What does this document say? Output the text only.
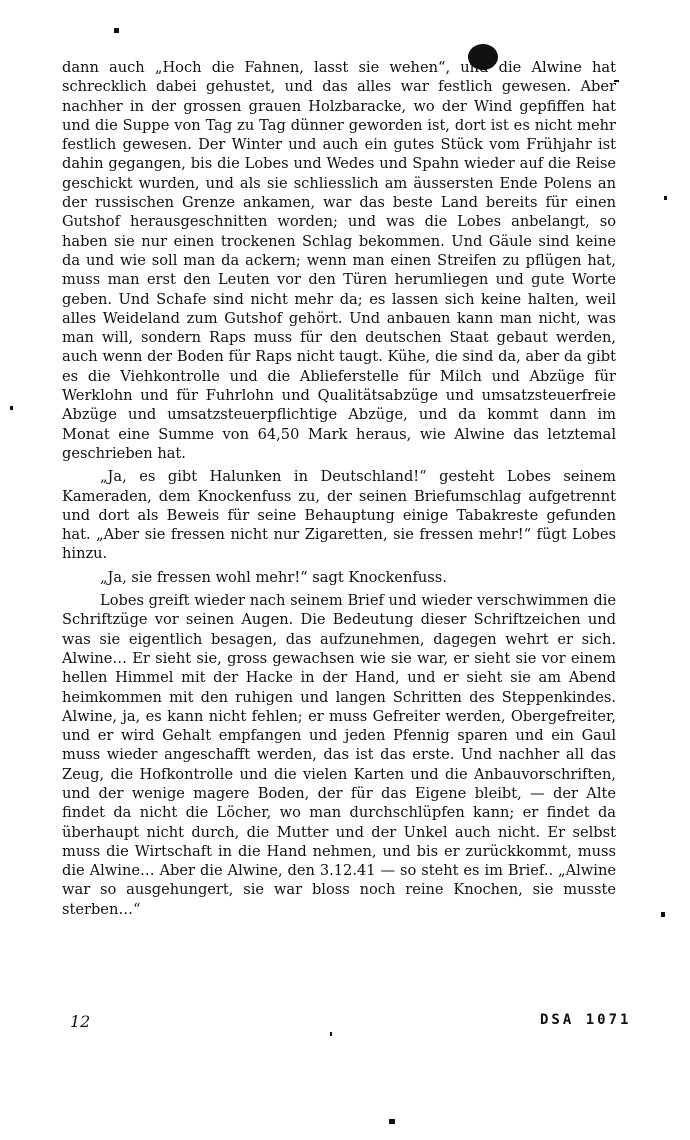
dann auch „Hoch die Fahnen, lasst sie wehen“, und die Alwine hat schrecklich dabei gehustet, und das alles war festlich gewesen. Aber nachher in der grossen grauen Holzbaracke, wo der Wind gepfiffen hat und die Suppe von Tag zu Tag dünner geworden ist, dort ist es nicht mehr festlich gewesen. Der Winter und auch ein gutes Stück vom Frühjahr ist dahin gegangen, bis die Lobes und Wedes und Spahn wieder auf die Reise geschickt wurden, und als sie schliesslich am äussersten Ende Polens an der russischen Grenze ankamen, war das beste Land bereits für einen Gutshof herausgeschnitten worden; und was die Lobes anbelangt, so haben sie nur einen trockenen Schlag bekommen. Und Gäule sind keine da und wie soll man da ackern; wenn man einen Streifen zu pflügen hat, muss man erst den Leuten vor den Türen herumliegen und gute Worte geben. Und Schafe sind nicht mehr da; es lassen sich keine halten, weil alles Weideland zum Gutshof gehört. Und anbauen kann man nicht, was man will, sondern Raps muss für den deutschen Staat gebaut werden, auch wenn der Boden für Raps nicht taugt. Kühe, die sind da, aber da gibt es die Viehkontrolle und die Ablieferstelle für Milch und Abzüge für Werklohn und für Fuhrlohn und Qualitätsabzüge und umsatzsteuerfreie Abzüge und umsatzsteuerpflichtige Abzüge, und da kommt dann im Monat eine Summe von 64,50 Mark heraus, wie Alwine das letztemal geschrieben hat.

„Ja, es gibt Halunken in Deutschland!“ gesteht Lobes seinem Kameraden, dem Knockenfuss zu, der seinen Briefumschlag aufgetrennt und dort als Beweis für seine Behauptung einige Tabakreste gefunden hat. „Aber sie fressen nicht nur Zigaretten, sie fressen mehr!“ fügt Lobes hinzu.

„Ja, sie fressen wohl mehr!“ sagt Knockenfuss.

Lobes greift wieder nach seinem Brief und wieder verschwimmen die Schriftzüge vor seinen Augen. Die Bedeutung dieser Schriftzeichen und was sie eigentlich besagen, das aufzunehmen, dagegen wehrt er sich. Alwine… Er sieht sie, gross gewachsen wie sie war, er sieht sie vor einem hellen Himmel mit der Hacke in der Hand, und er sieht sie am Abend heimkommen mit den ruhigen und langen Schritten des Steppenkindes. Alwine, ja, es kann nicht fehlen; er muss Gefreiter werden, Obergefreiter, und er wird Gehalt empfangen und jeden Pfennig sparen und ein Gaul muss wieder angeschafft werden, das ist das erste. Und nachher all das Zeug, die Hofkontrolle und die vielen Karten und die Anbauvorschriften, und der wenige magere Boden, der für das Eigene bleibt, — der Alte findet da nicht die Löcher, wo man durchschlüpfen kann; er findet da überhaupt nicht durch, die Mutter und der Unkel auch nicht. Er selbst muss die Wirtschaft in die Hand nehmen, und bis er zurückkommt, muss die Alwine… Aber die Alwine, den 3.12.41 — so steht es im Brief.. „Alwine war so ausgehungert, sie war bloss noch reine Knochen, sie musste sterben…“

12	DSA 1071
